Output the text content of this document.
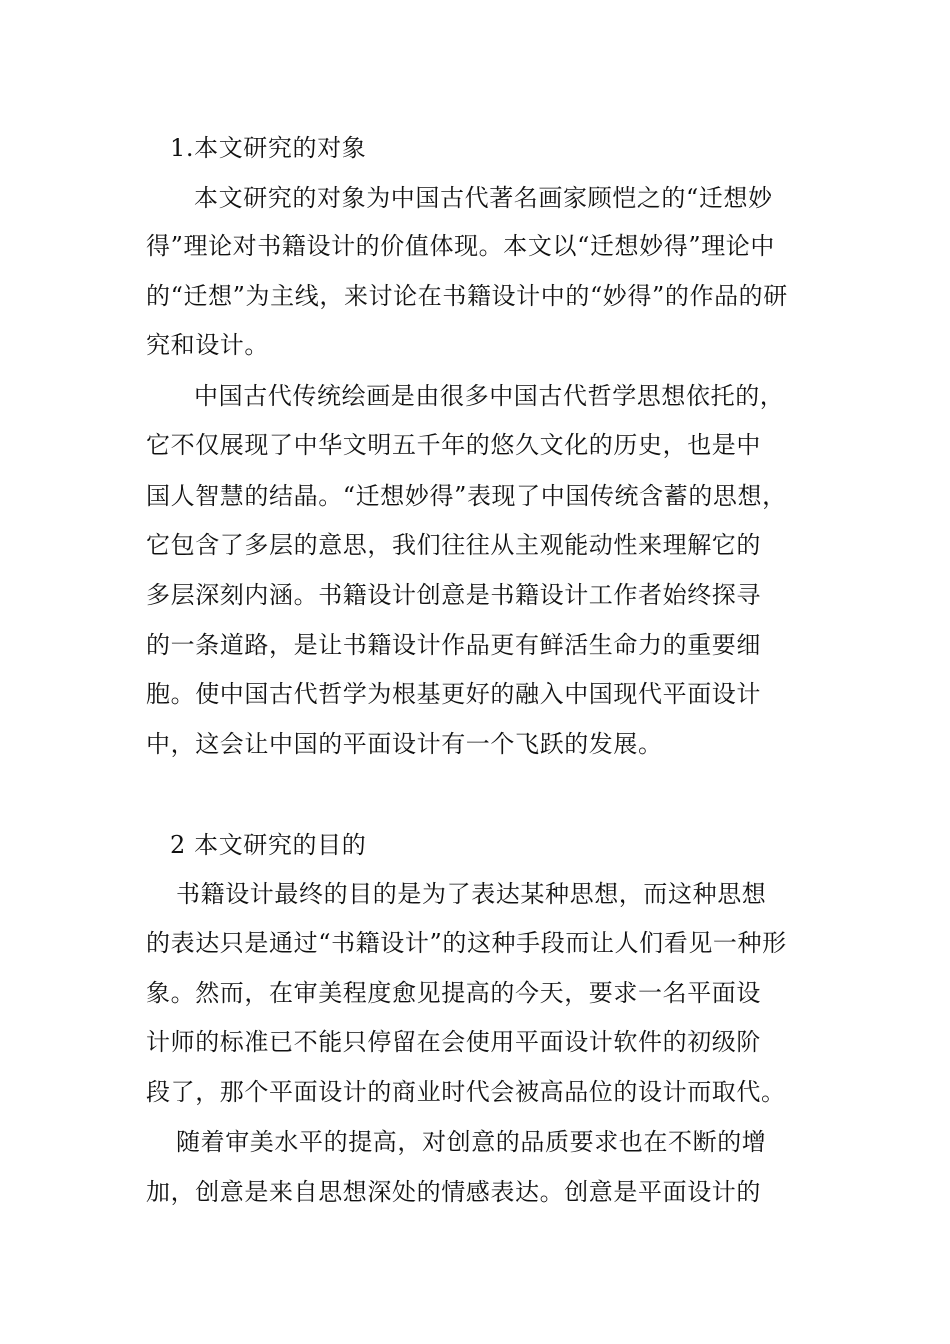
1.本文研究的对象
本文研究的对象为中国古代著名画家顾恺之的“迁想妙
得”理论对书籍设计的价值体现。本文以“迁想妙得”理论中
的“迁想”为主线，来讨论在书籍设计中的“妙得”的作品的研
究和设计。
中国古代传统绘画是由很多中国古代哲学思想依托的，
它不仅展现了中华文明五千年的悠久文化的历史，也是中
国人智慧的结晶。“迁想妙得”表现了中国传统含蓄的思想，
它包含了多层的意思，我们往往从主观能动性来理解它的
多层深刻内涵。书籍设计创意是书籍设计工作者始终探寻
的一条道路，是让书籍设计作品更有鲜活生命力的重要细
胞。使中国古代哲学为根基更好的融入中国现代平面设计
中，这会让中国的平面设计有一个飞跃的发展。
2 本文研究的目的
书籍设计最终的目的是为了表达某种思想，而这种思想
的表达只是通过“书籍设计”的这种手段而让人们看见一种形
象。然而，在审美程度愈见提高的今天，要求一名平面设
计师的标准已不能只停留在会使用平面设计软件的初级阶
段了，那个平面设计的商业时代会被高品位的设计而取代。
随着审美水平的提高，对创意的品质要求也在不断的增
加，创意是来自思想深处的情感表达。创意是平面设计的
